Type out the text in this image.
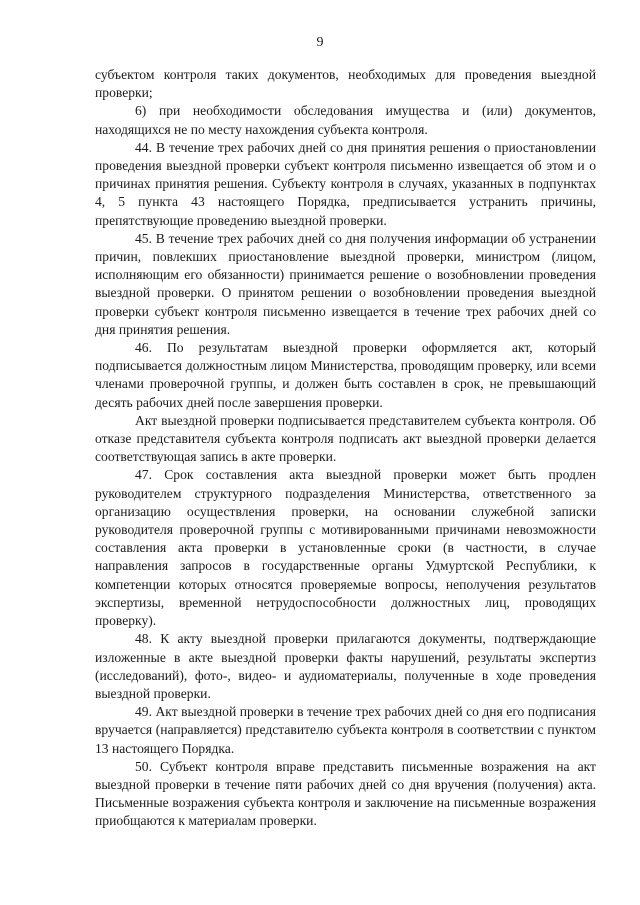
9

субъектом контроля таких документов, необходимых для проведения выездной проверки;

6) при необходимости обследования имущества и (или) документов, находящихся не по месту нахождения субъекта контроля.

44. В течение трех рабочих дней со дня принятия решения о приостановлении проведения выездной проверки субъект контроля письменно извещается об этом и о причинах принятия решения. Субъекту контроля в случаях, указанных в подпунктах 4, 5 пункта 43 настоящего Порядка, предписывается устранить причины, препятствующие проведению выездной проверки.

45. В течение трех рабочих дней со дня получения информации об устранении причин, повлекших приостановление выездной проверки, министром (лицом, исполняющим его обязанности) принимается решение о возобновлении проведения выездной проверки. О принятом решении о возобновлении проведения выездной проверки субъект контроля письменно извещается в течение трех рабочих дней со дня принятия решения.

46. По результатам выездной проверки оформляется акт, который подписывается должностным лицом Министерства, проводящим проверку, или всеми членами проверочной группы, и должен быть составлен в срок, не превышающий десять рабочих дней после завершения проверки.

Акт выездной проверки подписывается представителем субъекта контроля. Об отказе представителя субъекта контроля подписать акт выездной проверки делается соответствующая запись в акте проверки.

47. Срок составления акта выездной проверки может быть продлен руководителем структурного подразделения Министерства, ответственного за организацию осуществления проверки, на основании служебной записки руководителя проверочной группы с мотивированными причинами невозможности составления акта проверки в установленные сроки (в частности, в случае направления запросов в государственные органы Удмуртской Республики, к компетенции которых относятся проверяемые вопросы, неполучения результатов экспертизы, временной нетрудоспособности должностных лиц, проводящих проверку).

48. К акту выездной проверки прилагаются документы, подтверждающие изложенные в акте выездной проверки факты нарушений, результаты экспертиз (исследований), фото-, видео- и аудиоматериалы, полученные в ходе проведения выездной проверки.

49. Акт выездной проверки в течение трех рабочих дней со дня его подписания вручается (направляется) представителю субъекта контроля в соответствии с пунктом 13 настоящего Порядка.

50. Субъект контроля вправе представить письменные возражения на акт выездной проверки в течение пяти рабочих дней со дня вручения (получения) акта. Письменные возражения субъекта контроля и заключение на письменные возражения приобщаются к материалам проверки.
